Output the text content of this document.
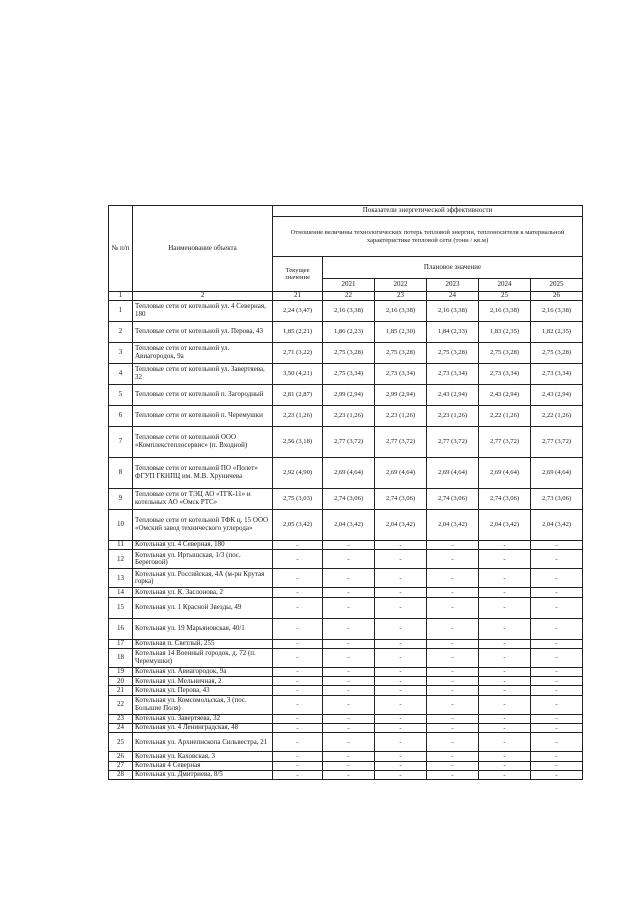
№ п/п	Наименование объекта	Показатели энергетической эффективности					
		Отношение величины технологических потерь тепловой энергии, теплоносителя к материальной характеристике тепловой сети (тонн / кв.м)					
		Текущее значение	Плановое значение				
			2021	2022	2023	2024	2025
1	2	21	22	23	24	25	26
1	Тепловые сети от котельной ул. 4 Северная, 180	2,24 (3,47)	2,16 (3,38)	2,16 (3,38)	2,16 (3,38)	2,16 (3,38)	2,16 (3,38)
2	Тепловые сети от котельной ул. Перова, 43	1,85 (2,21)	1,86 (2,23)	1,85 (2,30)	1,84 (2,33)	1,83 (2,35)	1,82 (2,35)
3	Тепловые сети от котельной ул. Авиагородок, 9а	2,71 (3,22)	2,75 (3,28)	2,75 (3,28)	2,75 (3,28)	2,75 (3,28)	2,75 (3,28)
4	Тепловые сети от котельной ул. Завертяева, 32	3,50 (4,21)	2,75 (3,34)	2,73 (3,34)	2,73 (3,34)	2,73 (3,34)	2,73 (3,34)
5	Тепловые сети от котельной п. Загородный	2,81 (2,87)	2,99 (2,94)	2,99 (2,94)	2,43 (2,94)	2,43 (2,94)	2,43 (2,94)
6	Тепловые сети от котельной п. Черемушки	2,23 (1,26)	2,23 (1,26)	2,23 (1,26)	2,23 (1,26)	2,22 (1,26)	2,22 (1,26)
7	Тепловые сети от котельной ООО «Комплекстеплосервис» (п. Входной)	2,56 (3,18)	2,77 (3,72)	2,77 (3,72)	2,77 (3,72)	2,77 (3,72)	2,77 (3,72)
8	Тепловые сети от котельной ПО «Полет» ФГУП ГКНПЦ им. М.В. Хруничева	2,92 (4,90)	2,69 (4,64)	2,69 (4,64)	2,69 (4,64)	2,69 (4,64)	2,69 (4,64)
9	Тепловые сети от ТЭЦ АО «ТГК-11» и котельных АО «Омск РТС»	2,75 (3,03)	2,74 (3,06)	2,74 (3,06)	2,74 (3,06)	2,74 (3,06)	2,73 (3,06)
10	Тепловые сети от котельной ТФК ц. 15 ООО «Омский завод технического углерода»	2,05 (3,42)	2,04 (3,42)	2,04 (3,42)	2,04 (3,42)	2,04 (3,42)	2,04 (3,42)
11	Котельная ул. 4 Северная, 180	-	-	-	-	-	-
12	Котельная ул. Иртышская, 1/3 (пос. Береговой)	-	-	-	-	-	-
13	Котельная ул. Российская, 4А (м-рн Крутая горка)	-	-	-	-	-	-
14	Котельная ул. К. Заслонова, 2	-	-	-	-	-	-
15	Котельная ул. 1 Красной Звезды, 49	-	-	-	-	-	-
16	Котельная ул. 19 Марьяновская, 40/1	-	-	-	-	-	-
17	Котельная п. Светлый, 255	-	-	-	-	-	-
18	Котельная 14 Военный городок, д. 72 (п. Черемушки)	-	-	-	-	-	-
19	Котельная ул. Авиагородок, 9а	-	-	-	-	-	-
20	Котельная ул. Мельничная, 2	-	-	-	-	-	-
21	Котельная ул. Перова, 43	-	-	-	-	-	-
22	Котельная ул. Комсомольская, 3 (пос. Большие Поля)	-	-	-	-	-	-
23	Котельная ул. Завертяева, 32	-	-	-	-	-	-
24	Котельная ул. 4 Ленинградская, 48	-	-	-	-	-	-
25	Котельная ул. Архиепископа Сильвестра, 21	-	-	-	-	-	-
26	Котельная ул. Каховская, 3	-	-	-	-	-	-
27	Котельная 4 Северная	-	-	-	-	-	-
28	Котельная ул. Дмитриева, 8/5	-	-	-	-	-	-
